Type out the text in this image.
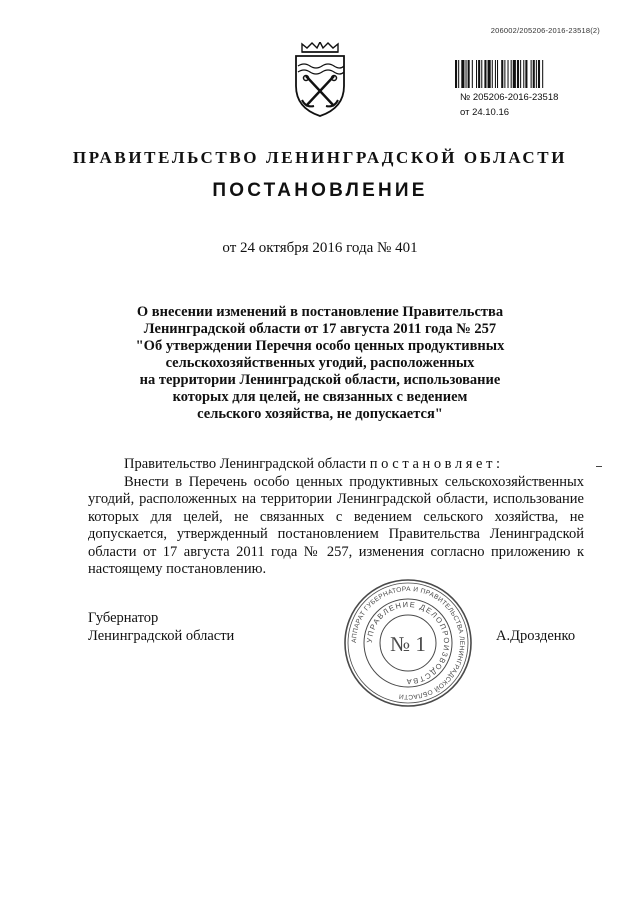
206002/205206-2016-23518(2)
№ 205206-2016-23518
от 24.10.16
ПРАВИТЕЛЬСТВО ЛЕНИНГРАДСКОЙ ОБЛАСТИ
ПОСТАНОВЛЕНИЕ
от 24 октября 2016 года № 401
О внесении изменений в постановление Правительства
Ленинградской области от 17 августа 2011 года № 257
"Об утверждении Перечня особо ценных продуктивных
сельскохозяйственных угодий, расположенных
на территории Ленинградской области, использование
которых для целей, не связанных с ведением
сельского хозяйства, не допускается"
Правительство Ленинградской области постановляет:
Внести в Перечень особо ценных продуктивных сельскохозяйственных угодий, расположенных на территории Ленинградской области, использование которых для целей, не связанных с ведением сельского хозяйства, не допускается, утвержденный постановлением Правительства Ленинградской области от 17 августа 2011 года № 257, изменения согласно приложению к настоящему постановлению.
Губернатор
Ленинградской области	А.Дрозденко
АППАРАТ ГУБЕРНАТОРА И ПРАВИТЕЛЬСТВА ЛЕНИНГРАДСКОЙ ОБЛАСТИ
УПРАВЛЕНИЕ ДЕЛОПРОИЗВОДСТВА
№ 1
